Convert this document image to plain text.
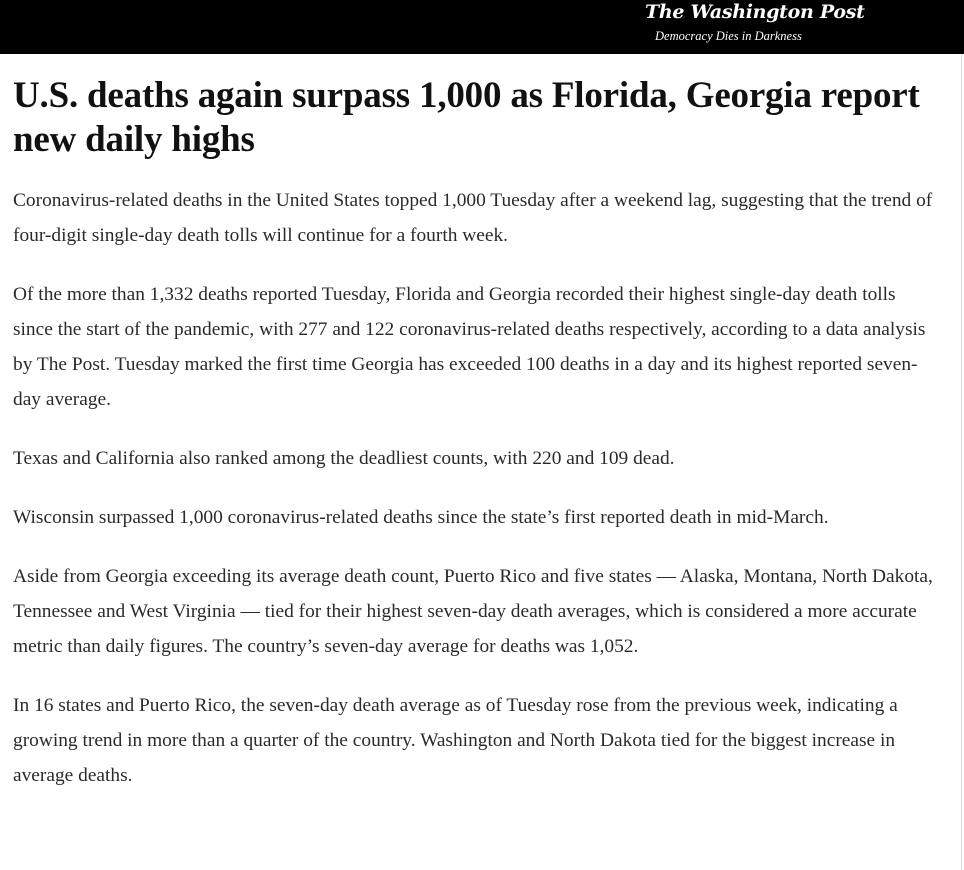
The Washington Post
Democracy Dies in Darkness
U.S. deaths again surpass 1,000 as Florida, Georgia report new daily highs

Coronavirus-related deaths in the United States topped 1,000 Tuesday after a weekend lag, suggesting that the trend of four-digit single-day death tolls will continue for a fourth week.

Of the more than 1,332 deaths reported Tuesday, Florida and Georgia recorded their highest single-day death tolls since the start of the pandemic, with 277 and 122 coronavirus-related deaths respectively, according to a data analysis by The Post. Tuesday marked the first time Georgia has exceeded 100 deaths in a day and its highest reported seven-day average.

Texas and California also ranked among the deadliest counts, with 220 and 109 dead.

Wisconsin surpassed 1,000 coronavirus-related deaths since the state’s first reported death in mid-March.

Aside from Georgia exceeding its average death count, Puerto Rico and five states — Alaska, Montana, North Dakota, Tennessee and West Virginia — tied for their highest seven-day death averages, which is considered a more accurate metric than daily figures. The country’s seven-day average for deaths was 1,052.

In 16 states and Puerto Rico, the seven-day death average as of Tuesday rose from the previous week, indicating a growing trend in more than a quarter of the country. Washington and North Dakota tied for the biggest increase in average deaths.
